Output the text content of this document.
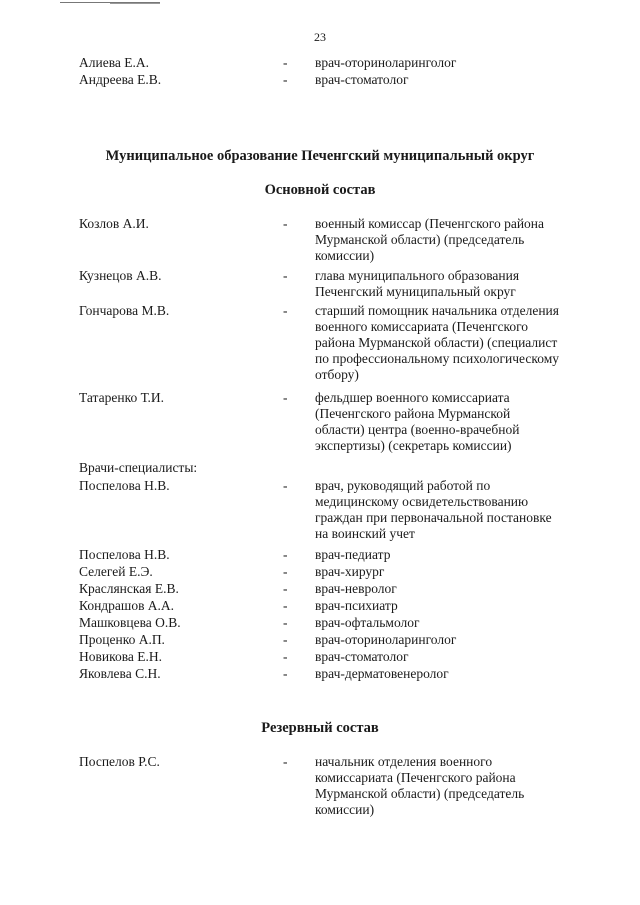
23
Алиева Е.А.	- врач-оториноларинголог
Андреева Е.В.	- врач-стоматолог
Муниципальное образование Печенгский муниципальный округ
Основной состав
Козлов А.И.	- военный комиссар (Печенгского района
Мурманской области) (председатель
комиссии)
Кузнецов А.В.	- глава муниципального образования
Печенгский муниципальный округ
Гончарова М.В.	- старший помощник начальника отделения
военного комиссариата (Печенгского
района Мурманской области) (специалист
по профессиональному психологическому
отбору)
Татаренко Т.И.	- фельдшер военного комиссариата
(Печенгского района Мурманской
области) центра (военно-врачебной
экспертизы) (секретарь комиссии)
Врачи-специалисты:
Поспелова Н.В.	- врач, руководящий работой по
медицинскому освидетельствованию
граждан при первоначальной постановке
на воинский учет
Поспелова Н.В.	- врач-педиатр
Селегей Е.Э.	- врач-хирург
Краслянская Е.В.	- врач-невролог
Кондрашов А.А.	- врач-психиатр
Машковцева О.В.	- врач-офтальмолог
Проценко А.П.	- врач-оториноларинголог
Новикова Е.Н.	- врач-стоматолог
Яковлева С.Н.	- врач-дерматовенеролог
Резервный состав
Поспелов Р.С.	- начальник отделения военного
комиссариата (Печенгского района
Мурманской области) (председатель
комиссии)
